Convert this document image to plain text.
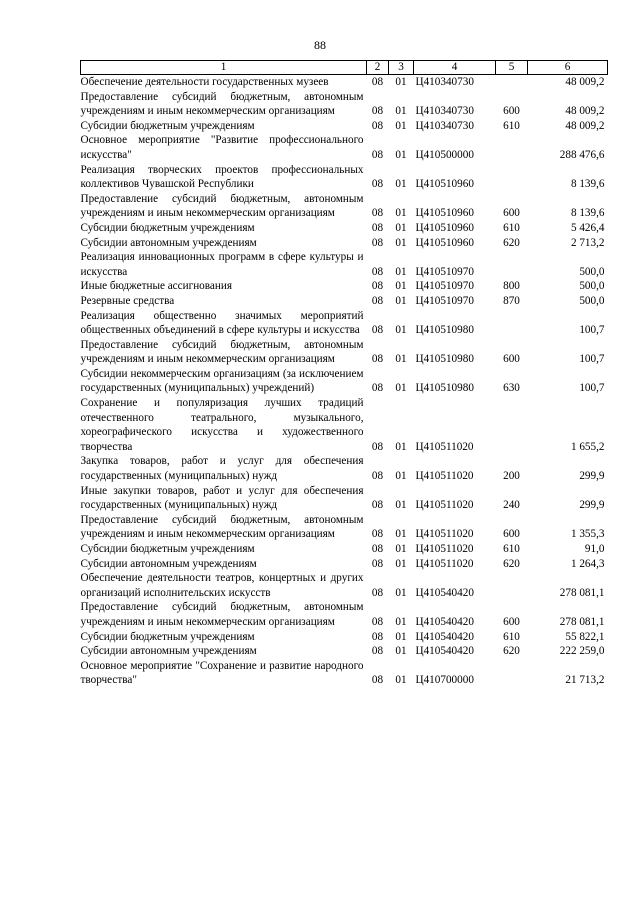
88
1	2	3	4	5	6
Обеспечение деятельности государственных музеев	08	01	Ц410340730		48 009,2
Предоставление субсидий бюджетным, автономным учреждениям и иным некоммерческим организациям	08	01	Ц410340730	600	48 009,2
Субсидии бюджетным учреждениям	08	01	Ц410340730	610	48 009,2
Основное мероприятие "Развитие профессионального искусства"	08	01	Ц410500000		288 476,6
Реализация творческих проектов профессиональных коллективов Чувашской Республики	08	01	Ц410510960		8 139,6
Предоставление субсидий бюджетным, автономным учреждениям и иным некоммерческим организациям	08	01	Ц410510960	600	8 139,6
Субсидии бюджетным учреждениям	08	01	Ц410510960	610	5 426,4
Субсидии автономным учреждениям	08	01	Ц410510960	620	2 713,2
Реализация инновационных программ в сфере культуры и искусства	08	01	Ц410510970		500,0
Иные бюджетные ассигнования	08	01	Ц410510970	800	500,0
Резервные средства	08	01	Ц410510970	870	500,0
Реализация общественно значимых мероприятий общественных объединений в сфере культуры и искусства	08	01	Ц410510980		100,7
Предоставление субсидий бюджетным, автономным учреждениям и иным некоммерческим организациям	08	01	Ц410510980	600	100,7
Субсидии некоммерческим организациям (за исключением государственных (муниципальных) учреждений)	08	01	Ц410510980	630	100,7
Сохранение и популяризация лучших традиций отечественного театрального, музыкального, хореографического искусства и художественного творчества	08	01	Ц410511020		1 655,2
Закупка товаров, работ и услуг для обеспечения государственных (муниципальных) нужд	08	01	Ц410511020	200	299,9
Иные закупки товаров, работ и услуг для обеспечения государственных (муниципальных) нужд	08	01	Ц410511020	240	299,9
Предоставление субсидий бюджетным, автономным учреждениям и иным некоммерческим организациям	08	01	Ц410511020	600	1 355,3
Субсидии бюджетным учреждениям	08	01	Ц410511020	610	91,0
Субсидии автономным учреждениям	08	01	Ц410511020	620	1 264,3
Обеспечение деятельности театров, концертных и других организаций исполнительских искусств	08	01	Ц410540420		278 081,1
Предоставление субсидий бюджетным, автономным учреждениям и иным некоммерческим организациям	08	01	Ц410540420	600	278 081,1
Субсидии бюджетным учреждениям	08	01	Ц410540420	610	55 822,1
Субсидии автономным учреждениям	08	01	Ц410540420	620	222 259,0
Основное мероприятие "Сохранение и развитие народного творчества"	08	01	Ц410700000		21 713,2
